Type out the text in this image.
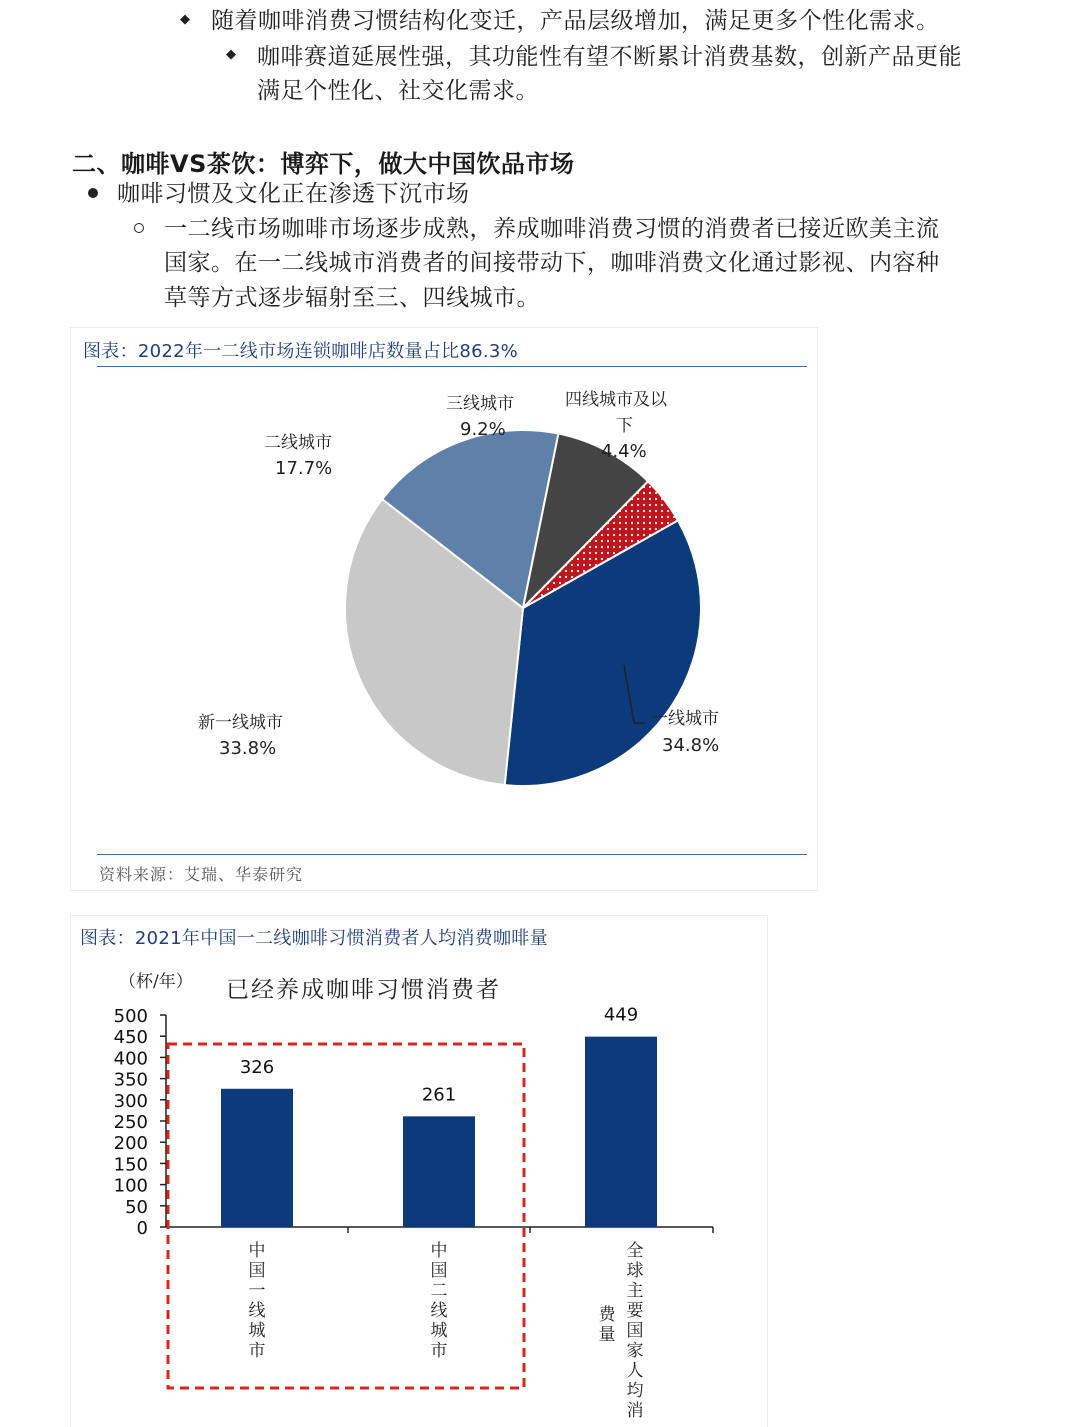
◆ 随着咖啡消费习惯结构化变迁，产品层级增加，满足更多个性化需求。
◆ 咖啡赛道延展性强，其功能性有望不断累计消费基数，创新产品更能
满足个性化、社交化需求。
二、咖啡VS茶饮：博弈下，做大中国饮品市场
咖啡习惯及文化正在渗透下沉市场
一二线市场咖啡市场逐步成熟，养成咖啡消费习惯的消费者已接近欧美主流
国家。在一二线城市消费者的间接带动下，咖啡消费文化通过影视、内容种
草等方式逐步辐射至三、四线城市。
图表：2022年一二线市场连锁咖啡店数量占比86.3%
一线城市
34.8%
新一线城市
33.8%
二线城市
17.7%
三线城市
9.2%
四线城市及以
下
4.4%
资料来源：艾瑞、华泰研究
图表：2021年中国一二线咖啡习惯消费者人均消费咖啡量
（杯/年） 已经养成咖啡习惯消费者
0
50
100
150
200
250
300
350
400
450
500
326
261
449
中国一线城市
中国二线城市
全球主要国家人均消
费量
